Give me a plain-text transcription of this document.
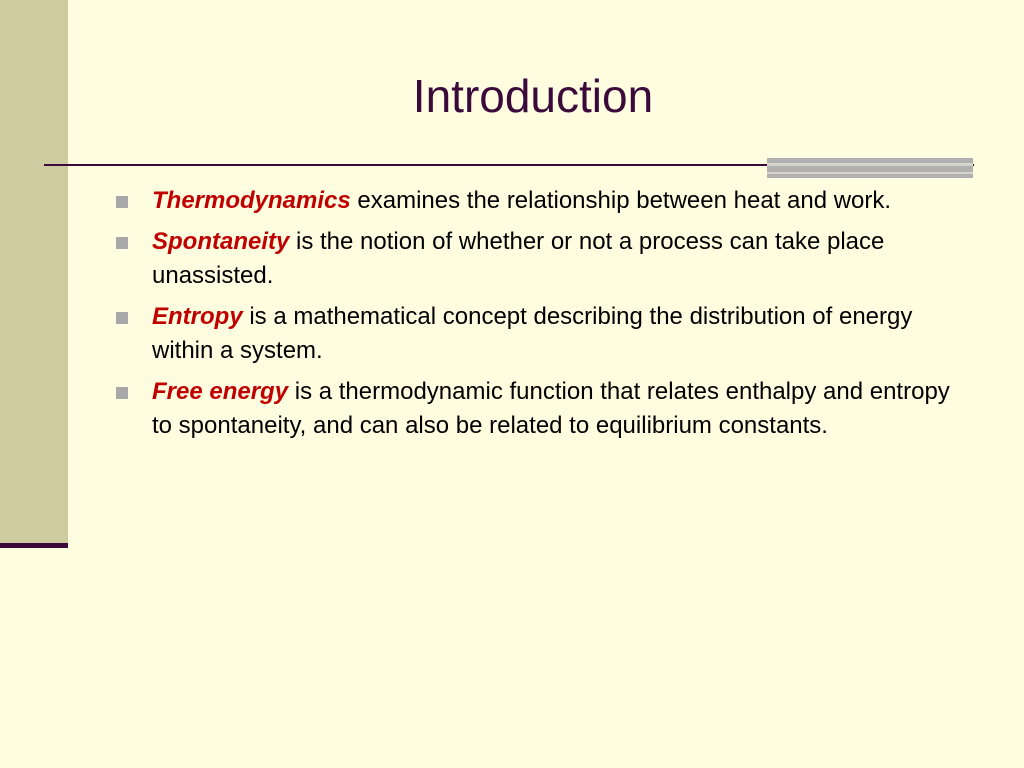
Introduction
Thermodynamics examines the relationship between heat and work.
Spontaneity is the notion of whether or not a process can take place unassisted.
Entropy is a mathematical concept describing the distribution of energy within a system.
Free energy is a thermodynamic function that relates enthalpy and entropy to spontaneity, and can also be related to equilibrium constants.
